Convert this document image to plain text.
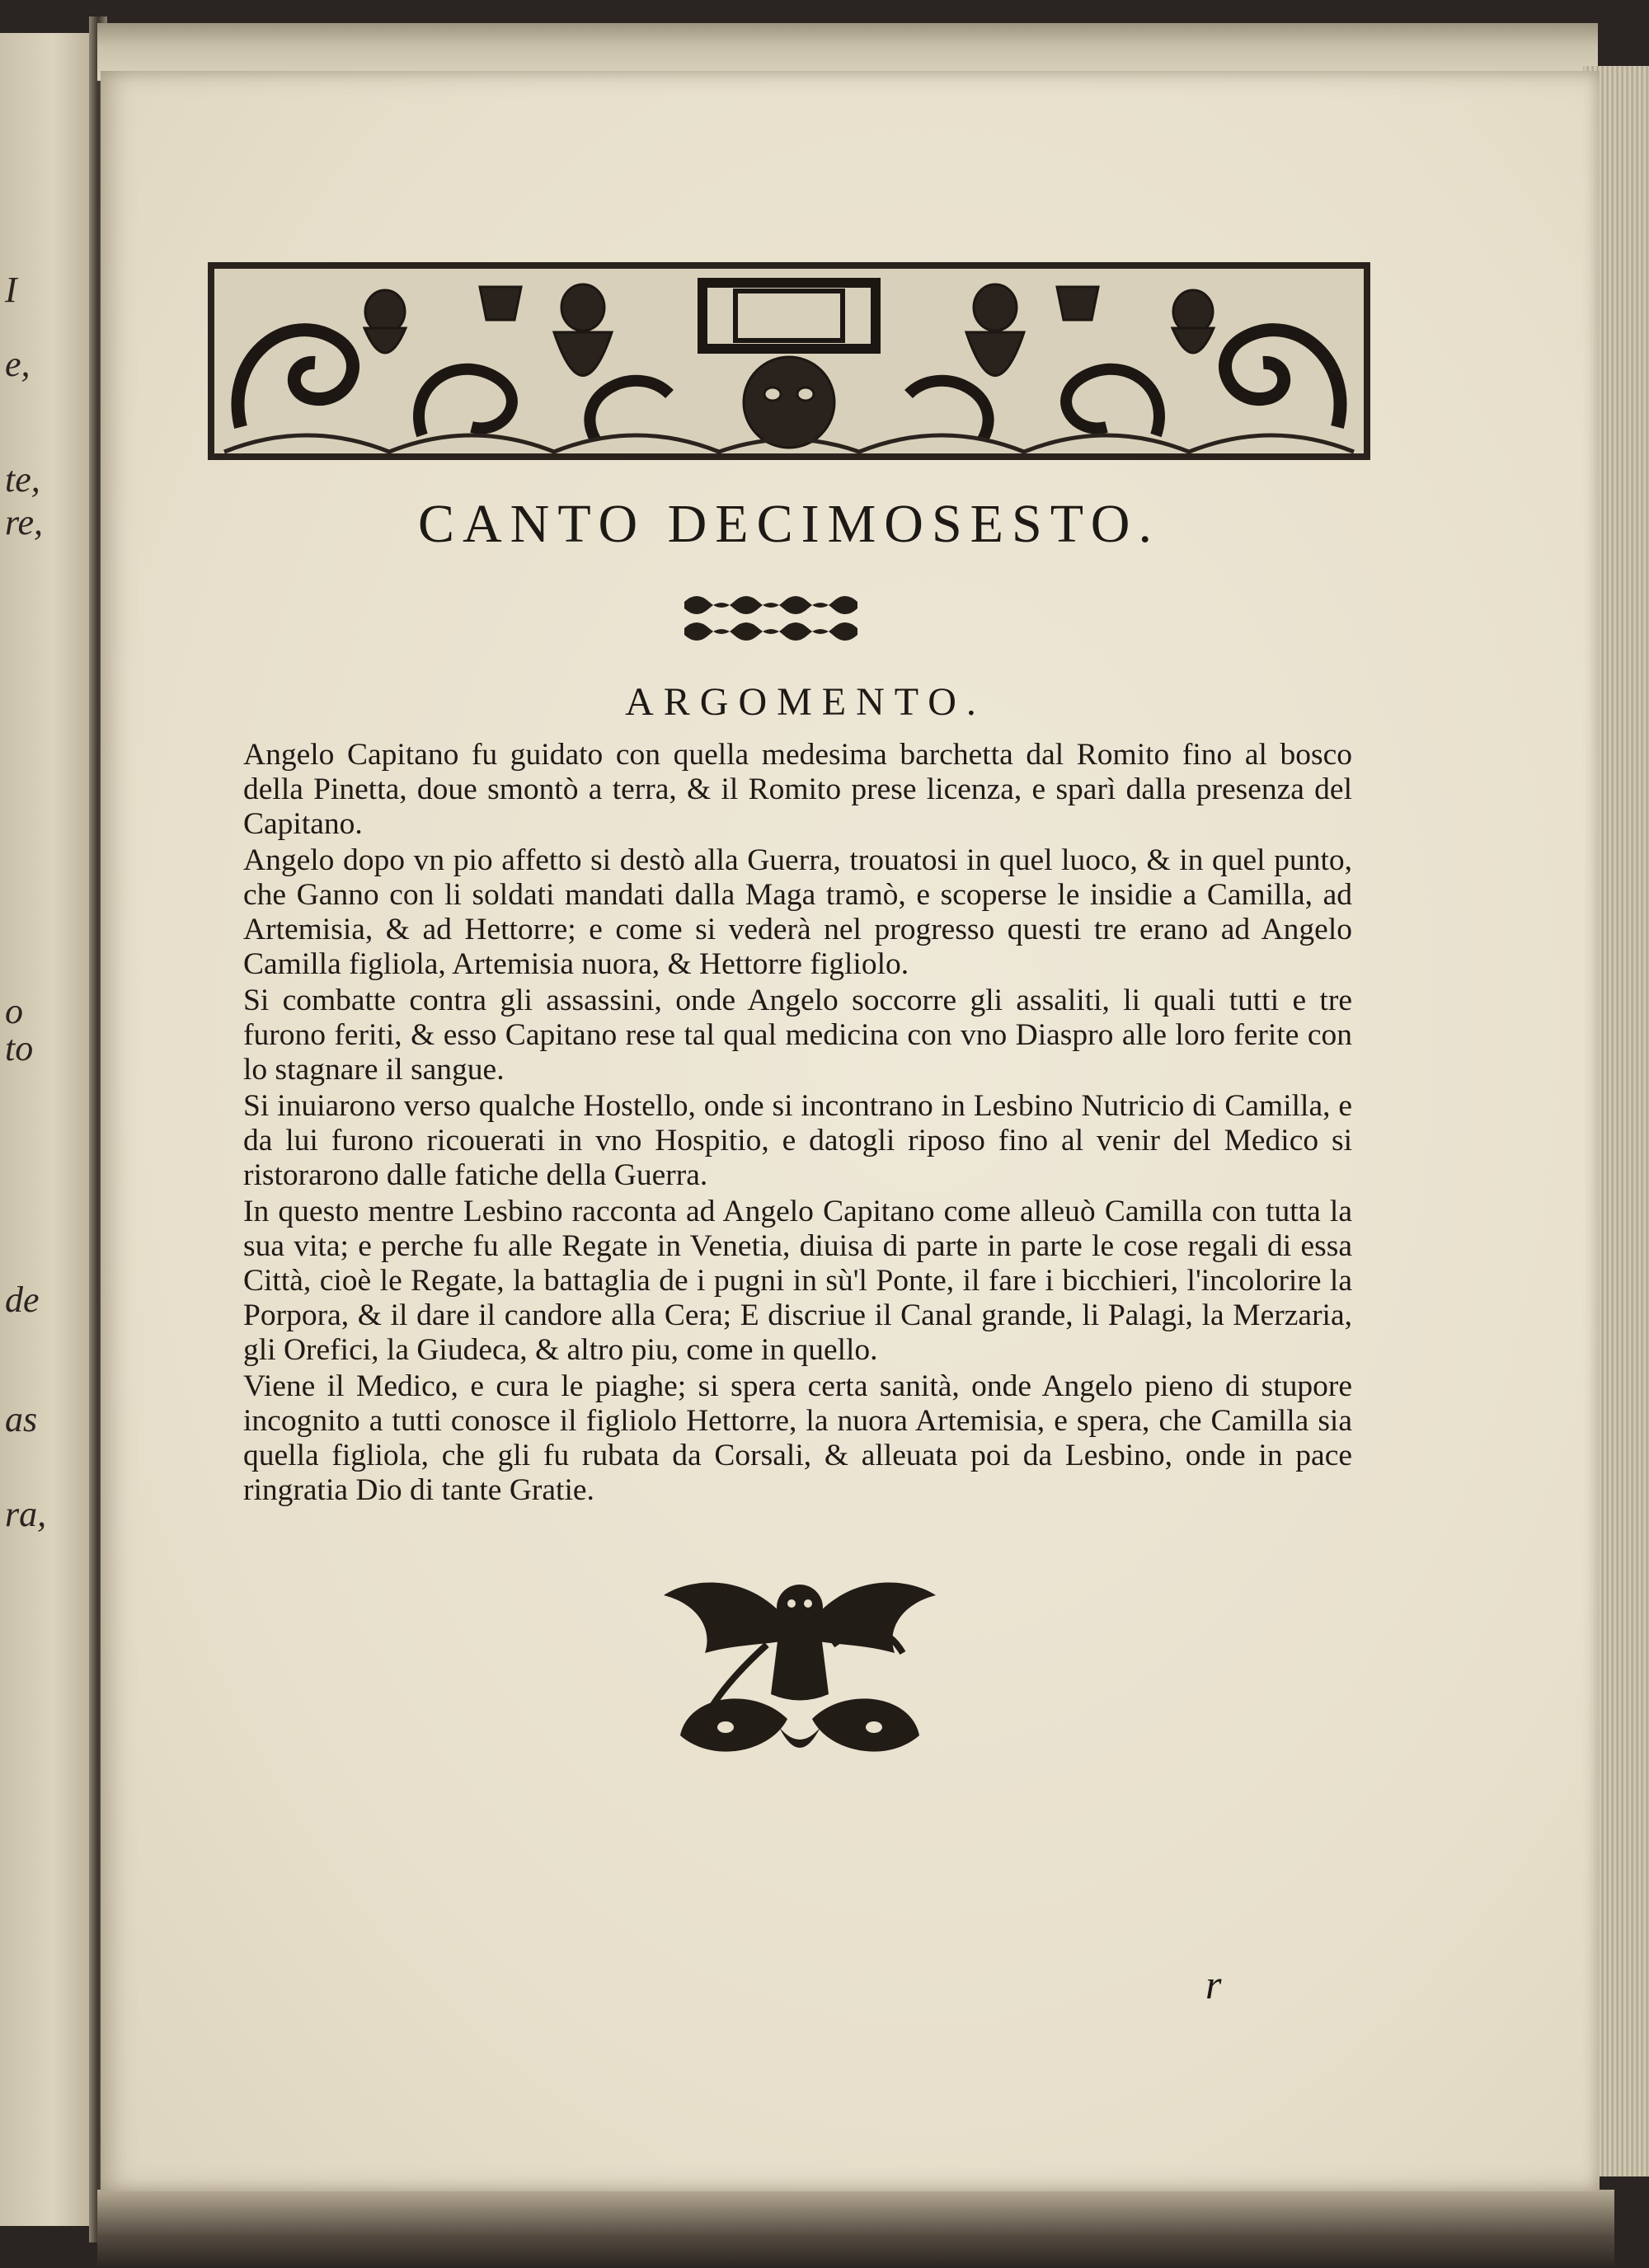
I
e,
te,
re,
o
to
de
as
ra,
CANTO DECIMOSESTO.
ARGOMENTO.

Angelo Capitano fu guidato con quella medesima barchetta dal Romito fino al bosco della Pinetta, doue smontò a terra, & il Romito prese licenza, e sparì dalla presenza del Capitano.

Angelo dopo vn pio affetto si destò alla Guerra, trouatosi in quel luoco, & in quel punto, che Ganno con li soldati mandati dalla Maga tramò, e scoperse le insidie a Camilla, ad Artemisia, & ad Hettorre; e come si vederà nel progresso questi tre erano ad Angelo Camilla figliola, Artemisia nuora, & Hettorre figliolo.

Si combatte contra gli assassini, onde Angelo soccorre gli assaliti, li quali tutti e tre furono feriti, & esso Capitano rese tal qual medicina con vno Diaspro alle loro ferite con lo stagnare il sangue.

Si inuiarono verso qualche Hostello, onde si incontrano in Lesbino Nutricio di Camilla, e da lui furono ricouerati in vno Hospitio, e datogli riposo fino al venir del Medico si ristorarono dalle fatiche della Guerra.

In questo mentre Lesbino racconta ad Angelo Capitano come alleuò Camilla con tutta la sua vita; e perche fu alle Regate in Venetia, diuisa di parte in parte le cose regali di essa Città, cioè le Regate, la battaglia de i pugni in sù'l Ponte, il fare i bicchieri, l'incolorire la Porpora, & il dare il candore alla Cera; E discriue il Canal grande, li Palagi, la Merzaria, gli Orefici, la Giudeca, & altro piu, come in quello.

Viene il Medico, e cura le piaghe; si spera certa sanità, onde Angelo pieno di stupore incognito a tutti conosce il figliolo Hettorre, la nuora Artemisia, e spera, che Camilla sia quella figliola, che gli fu rubata da Corsali, & alleuata poi da Lesbino, onde in pace ringratia Dio di tante Gratie.

r
